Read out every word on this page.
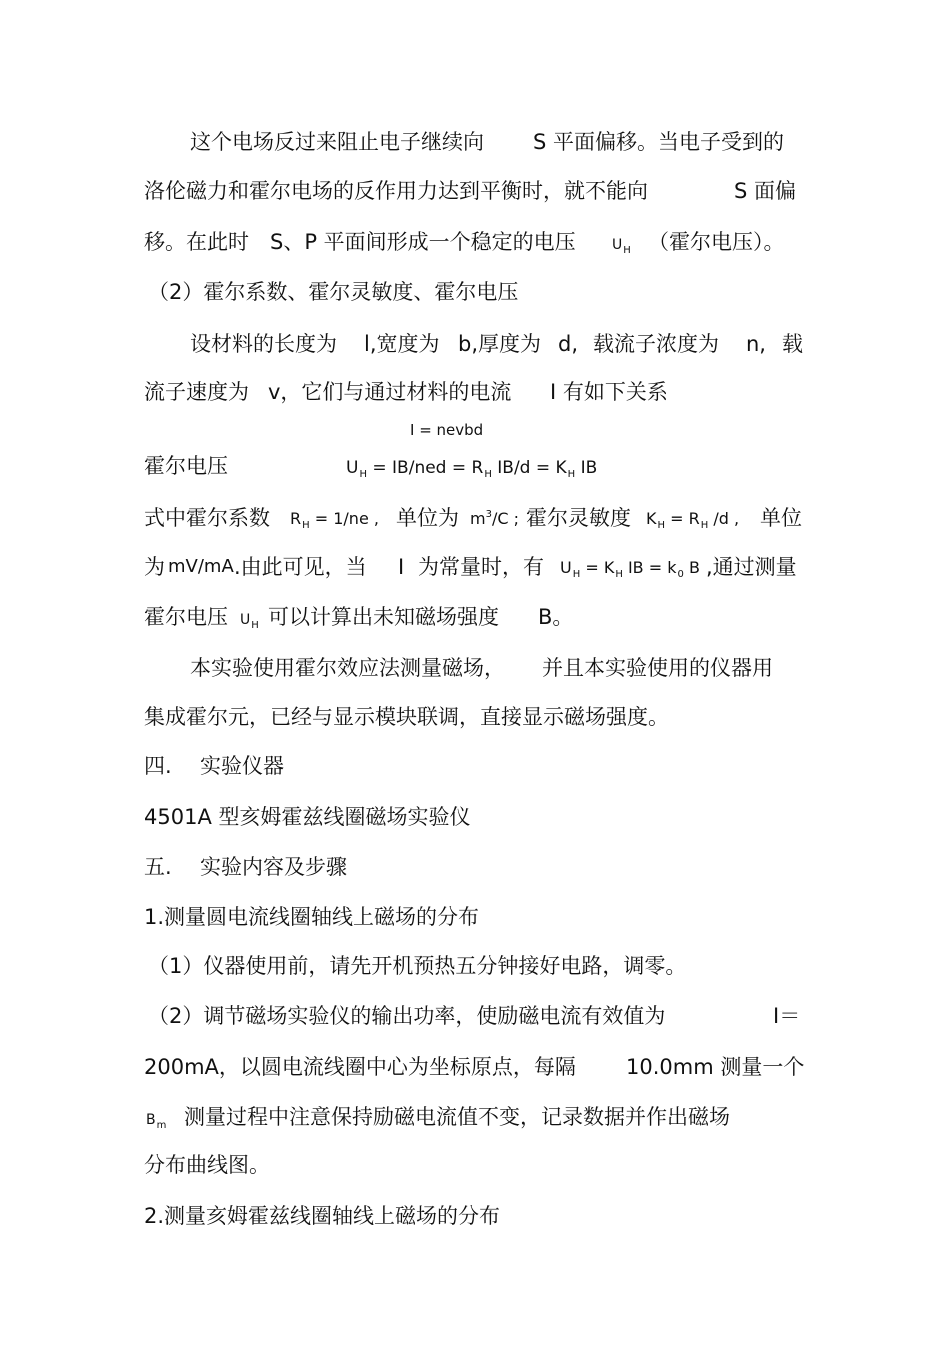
这个电场反过来阻止电子继续向 S 平面偏移。当电子受到的
洛伦磁力和霍尔电场的反作用力达到平衡时，就不能向	S 面偏
移。在此时 S、P 平面间形成一个稳定的电压	UH （霍尔电压）。
（2）霍尔系数、霍尔灵敏度、霍尔电压
设材料的长度为 l,宽度为 b,厚度为 d, 载流子浓度为 n, 载
流子速度为 v，它们与通过材料的电流 I 有如下关系
I = nevbd
霍尔电压	$U_H = IB/ned = R_H$ $IB/d = K_H$ IB
式中霍尔系数 $R_H = 1/ne$ , 单位为 $m^3/C$ ; 霍尔灵敏度 $K_H = R_H$ /d , 单位
为 mV/mA .由此可见，当 I 为常量时，有 $U_H = K_H$ IB = $k_0$ B ,通过测量
霍尔电压 UH 可以计算出未知磁场强度 B。
本实验使用霍尔效应法测量磁场， 并且本实验使用的仪器用
集成霍尔元，已经与显示模块联调，直接显示磁场强度。
四. 实验仪器
4501A 型亥姆霍兹线圈磁场实验仪
五. 实验内容及步骤
1.测量圆电流线圈轴线上磁场的分布
（1）仪器使用前，请先开机预热五分钟接好电路，调零。
（2）调节磁场实验仪的输出功率，使励磁电流有效值为	I＝
200mA，以圆电流线圈中心为坐标原点，每隔 10.0mm 测量一个
Bm 测量过程中注意保持励磁电流值不变，记录数据并作出磁场
分布曲线图。
2.测量亥姆霍兹线圈轴线上磁场的分布
